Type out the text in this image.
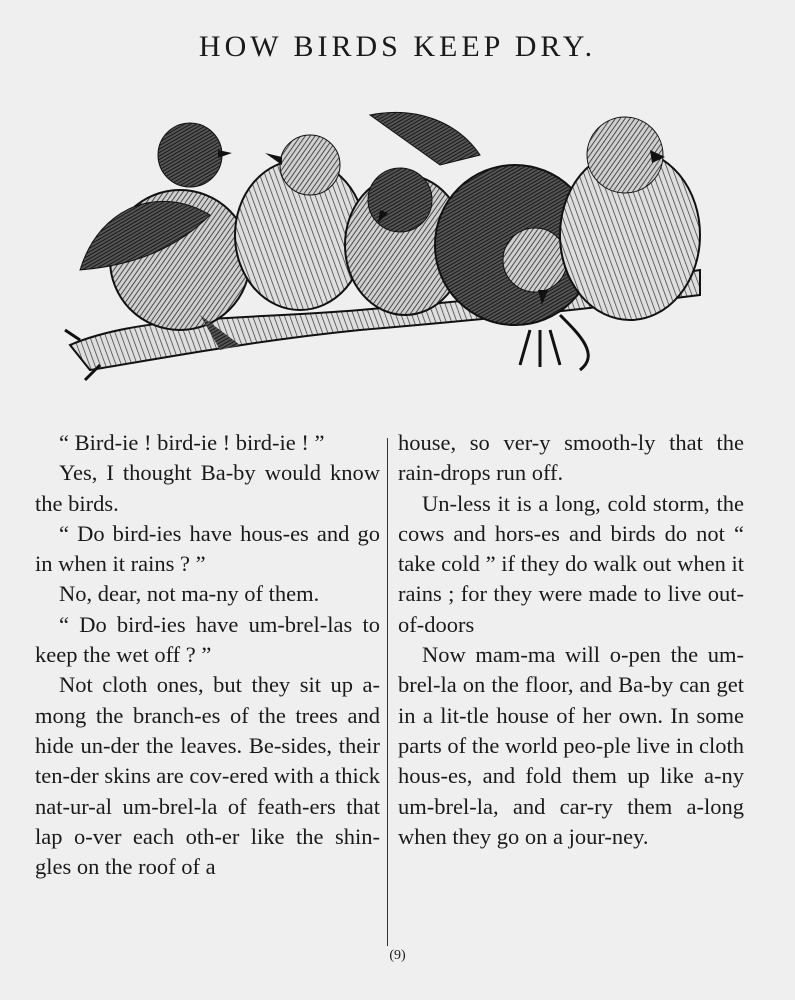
HOW BIRDS KEEP DRY.

“ Bird-ie ! bird-ie ! bird-ie ! ”

Yes, I thought Ba-by would know the birds.

“ Do bird-ies have hous-es and go in when it rains ? ”

No, dear, not ma-ny of them.

“ Do bird-ies have um-brel-las to keep the wet off ? ”

Not cloth ones, but they sit up a-mong the branch-es of the trees and hide un-der the leaves. Be-sides, their ten-der skins are cov-ered with a thick nat-ur-al um-brel-la of feath-ers that lap o-ver each oth-er like the shin-gles on the roof of a

house, so ver-y smooth-ly that the rain-drops run off.

Un-less it is a long, cold storm, the cows and hors-es and birds do not “ take cold ” if they do walk out when it rains ; for they were made to live out-of-doors

Now mam-ma will o-pen the um-brel-la on the floor, and Ba-by can get in a lit-tle house of her own. In some parts of the world peo-ple live in cloth hous-es, and fold them up like a-ny um-brel-la, and car-ry them a-long when they go on a jour-ney.

(9)
